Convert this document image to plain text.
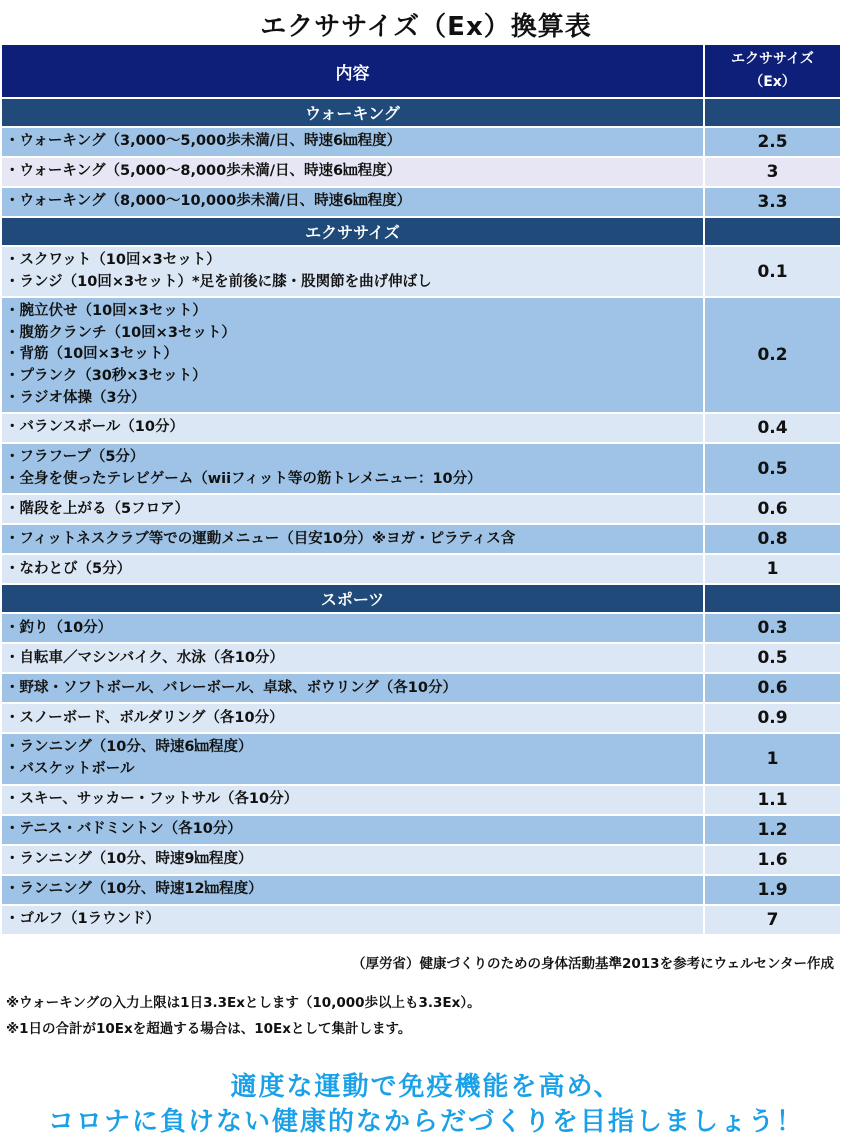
エクササイズ（Ex）換算表
内容	エクササイズ
（Ex）

ウォーキング	

・ウォーキング（3,000～5,000歩未満/日、時速6㎞程度）	2.5

・ウォーキング（5,000～8,000歩未満/日、時速6㎞程度）	3

・ウォーキング（8,000～10,000歩未満/日、時速6㎞程度）	3.3
エクササイズ	

・スクワット（10回×3セット）
・ランジ（10回×3セット）*足を前後に膝・股関節を曲げ伸ばし	0.1

・腕立伏せ（10回×3セット）
・腹筋クランチ（10回×3セット）
・背筋（10回×3セット）
・プランク（30秒×3セット）
・ラジオ体操（3分）	0.2

・バランスボール（10分）	0.4

・フラフープ（5分）
・全身を使ったテレビゲーム（wiiフィット等の筋トレメニュー：10分）	0.5

・階段を上がる（5フロア）	0.6

・フィットネスクラブ等での運動メニュー（目安10分）※ヨガ・ピラティス含	0.8

・なわとび（5分）	1
スポーツ	

・釣り（10分）	0.3

・自転車／マシンバイク、水泳（各10分）	0.5

・野球・ソフトボール、バレーボール、卓球、ボウリング（各10分）	0.6

・スノーボード、ボルダリング（各10分）	0.9

・ランニング（10分、時速6㎞程度）
・バスケットボール	1

・スキー、サッカー・フットサル（各10分）	1.1

・テニス・バドミントン（各10分）	1.2

・ランニング（10分、時速9㎞程度）	1.6

・ランニング（10分、時速12㎞程度）	1.9

・ゴルフ（1ラウンド）	7
（厚労省）健康づくりのための身体活動基準2013を参考にウェルセンター作成
※ウォーキングの入力上限は1日3.3Exとします（10,000歩以上も3.3Ex）。
※1日の合計が10Exを超過する場合は、10Exとして集計します。
適度な運動で免疫機能を高め、
コロナに負けない健康的なからだづくりを目指しましょう！
